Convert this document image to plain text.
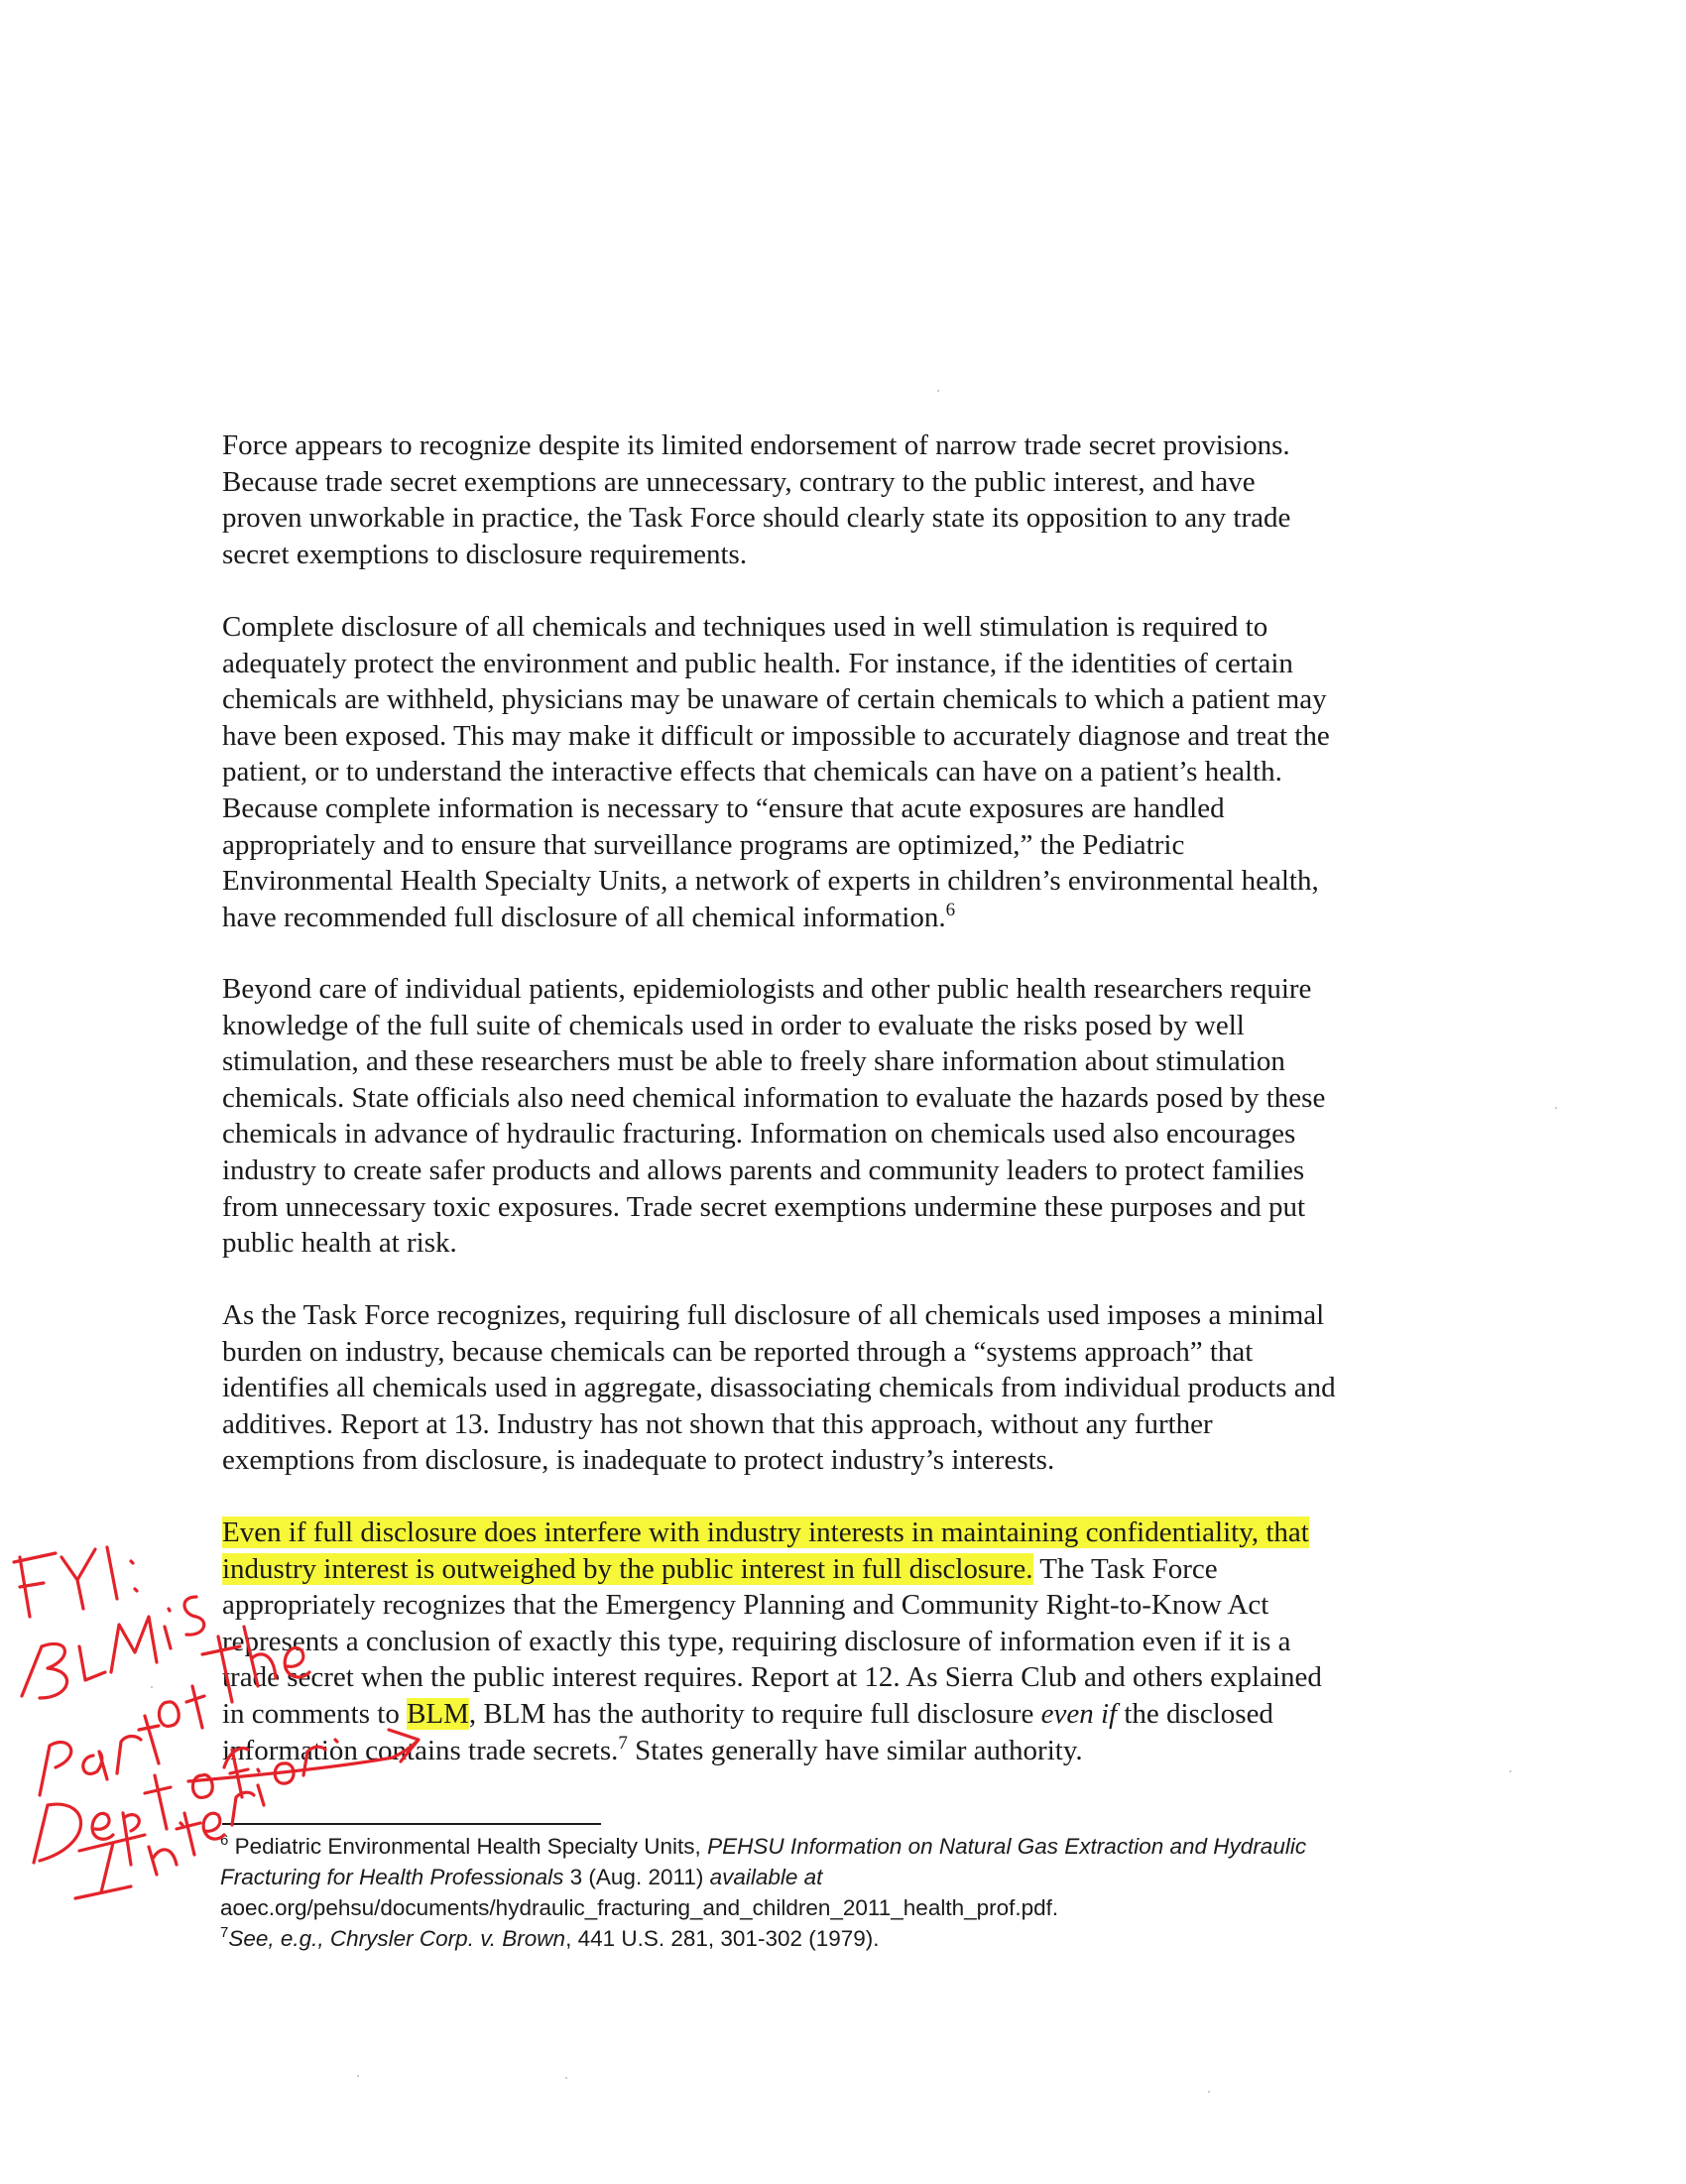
Force appears to recognize despite its limited endorsement of narrow trade secret provisions.
Because trade secret exemptions are unnecessary, contrary to the public interest, and have
proven unworkable in practice, the Task Force should clearly state its opposition to any trade
secret exemptions to disclosure requirements.
Complete disclosure of all chemicals and techniques used in well stimulation is required to
adequately protect the environment and public health. For instance, if the identities of certain
chemicals are withheld, physicians may be unaware of certain chemicals to which a patient may
have been exposed. This may make it difficult or impossible to accurately diagnose and treat the
patient, or to understand the interactive effects that chemicals can have on a patient’s health.
Because complete information is necessary to “ensure that acute exposures are handled
appropriately and to ensure that surveillance programs are optimized,” the Pediatric
Environmental Health Specialty Units, a network of experts in children’s environmental health,
have recommended full disclosure of all chemical information.$^6$
Beyond care of individual patients, epidemiologists and other public health researchers require
knowledge of the full suite of chemicals used in order to evaluate the risks posed by well
stimulation, and these researchers must be able to freely share information about stimulation
chemicals. State officials also need chemical information to evaluate the hazards posed by these
chemicals in advance of hydraulic fracturing. Information on chemicals used also encourages
industry to create safer products and allows parents and community leaders to protect families
from unnecessary toxic exposures. Trade secret exemptions undermine these purposes and put
public health at risk.
As the Task Force recognizes, requiring full disclosure of all chemicals used imposes a minimal
burden on industry, because chemicals can be reported through a “systems approach” that
identifies all chemicals used in aggregate, disassociating chemicals from individual products and
additives. Report at 13. Industry has not shown that this approach, without any further
exemptions from disclosure, is inadequate to protect industry’s interests.
Even if full disclosure does interfere with industry interests in maintaining confidentiality, that
industry interest is outweighed by the public interest in full disclosure. The Task Force
appropriately recognizes that the Emergency Planning and Community Right-to-Know Act
represents a conclusion of exactly this type, requiring disclosure of information even if it is a
trade secret when the public interest requires. Report at 12. As Sierra Club and others explained
in comments to BLM, BLM has the authority to require full disclosure even if the disclosed
information contains trade secrets.$^7$ States generally have similar authority.
$^6$ Pediatric Environmental Health Specialty Units, PEHSU Information on Natural Gas Extraction and Hydraulic
Fracturing for Health Professionals 3 (Aug. 2011) available at
aoec.org/pehsu/documents/hydraulic_fracturing_and_children_2011_health_prof.pdf.
$^7$See, e.g., Chrysler Corp. v. Brown, 441 U.S. 281, 301-302 (1979).
